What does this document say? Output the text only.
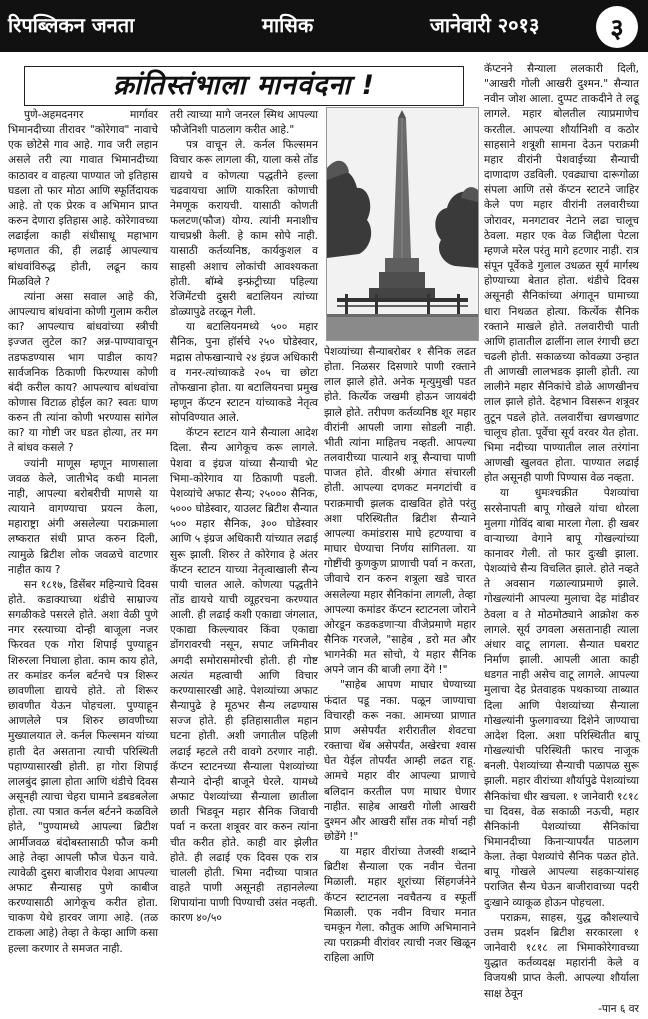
रिपब्लिकन जनता	मासिक	जानेवारी २०१३	३
क्रांतिस्तंभाला मानवंदना !

पुणे-अहमदनगर मार्गावर भिमानदीच्या तीरावर "कोरेगाव" नावाचे एक छोटेसे गाव आहे. गाव जरी लहान असले तरी त्या गावात भिमानदीच्या काठावर व वाहत्या पाण्यात जो इतिहास घडला तो फार मोठा आणि स्फूर्तिदायक आहे. तो एक प्रेरक व अभिमान प्राप्त करुन देणारा इतिहास आहे. कोरेगावच्या लढाईला काही संधीसाधू महाभाग म्हणतात की, ही लढाई आपल्याच बांधवांविरुद्ध होती, लढून काय मिळविले ?

त्यांना असा सवाल आहे की, आपल्याच बांधवांना कोणी गुलाम करील का? आपल्याच बांधवांच्या स्त्रीची इज्जत लुटेल का? अन्न-पाण्यावाचून तडफडण्यास भाग पाडील काय? सार्वजनिक ठिकाणी फिरण्यास कोणी बंदी करील काय? आपल्याच बांधवांचा कोणास विटाळ होईल का? स्वतः घाण करुन ती त्यांना कोणी भरण्यास सांगेल का? या गोष्टी जर घडत होत्या, तर मग ते बांधव कसले ?

ज्यांनी माणूस म्हणून माणसाला जवळ केले, जातीभेद कधी मानला नाही, आपल्या बरोबरीची माणसे या त्यायाने वागण्याचा प्रयत्न केला, महाराष्ट्रा अंगी असलेल्या पराक्रमाला लष्करात संधी प्राप्त करुन दिली, त्यामुळे ब्रिटीश लोक जवळचे वाटणार नाहीत काय ?

सन १८१७, डिसेंबर महिन्याचे दिवस होते. कडाक्याच्या थंडीचे साम्राज्य सगळीकडे पसरले होते. अशा वेळी पुणे नगर रस्त्याच्या दोन्ही बाजूला नजर फिरवत एक गोरा शिपाई पुण्याहून शिरुरला निघाला होता. काम काय होते, तर कमांडर कर्नल बर्टनचे पत्र शिरूर छावणीला द्यायचे होते. तो शिरूर छावणीत येऊन पोहचला. पुण्याहून आणलेले पत्र शिरुर छावणीच्या मुख्यालयात ले. कर्नल फिल्समन यांच्या हाती देत असताना त्याची परिस्थिती पहाण्यासारखी होती. हा गोरा शिपाई लालबुंद झाला होता आणि थंडीचे दिवस असूनही त्याचा चेहरा घामाने डबडबलेला होता. त्या पत्रात कर्नल बर्टनने कळविले होते, "पुण्यामध्ये आपल्या ब्रिटीश आर्मीजवळ बंदोबस्तासाठी फौज कमी आहे तेव्हा आपली फौज घेऊन यावे. त्यावेळी दुसरा बाजीराव पेशवा आपल्या अफाट सैन्यासह पुणे काबीज करण्यासाठी आगेकूच करीत होता. चाकण येथे हारवर जागा आहे. (तळ टाकला आहे) तेव्हा ते केव्हा आणि कसा हल्ला करणार ते समजत नाही.

तरी त्याच्या मागे जनरल स्मिथ आपल्या फौजेनिशी पाठलाग करीत आहे."

पत्र वाचून ले. कर्नल फिल्समन विचार करू लागला की, याला कसे तोंड द्यायचे व कोणत्या पद्धतीने हल्ला चढवायचा आणि याकरिता कोणाची नेमणूक करायची. यासाठी कोणती फलटण(फौज) योग्य. त्यांनी मनाशीच याचप्रश्नी केली. हे काम सोपे नाही. यासाठी कर्तव्यनिष्ठ, कार्यकुशल व साहसी अशाच लोकांची आवश्यकता होती. बॉम्बे इन्फ्रंट्रीच्या पहिल्या रेजिमेंटची दुसरी बटालियन त्यांच्या डोळ्यापुढे तरळून गेली.

या बटालियनमध्ये ५०० महार सैनिक, पुना हॉर्सचे २५० घोडेस्वार, मद्रास तोफखान्याचे २४ इंग्रज अधिकारी व गनर-त्यांच्याकडे २०५ चा छोटा तोफखाना होता. या बटालियनचा प्रमुख म्हणून कॅप्टन स्टाटन यांच्याकडे नेतृत्व सोपविण्यात आले.

कॅप्टन स्टाटन याने सैन्याला आदेश दिला. सैन्य आगेकूच करू लागले. पेशवा व इंग्रज यांच्या सैन्याची भेट भिमा-कोरेगाव या ठिकाणी पडली. पेशव्यांचे अफाट सैन्य; २५००० सैनिक, ५००० घोडेस्वार, याउलट ब्रिटीश सैन्यात ५०० महार सैनिक, ३०० घोडेस्वार आणि ५ इंग्रज अधिकारी यांच्यात लढाई सुरू झाली. शिरुर ते कोरेगाव हे अंतर कॅप्टन स्टाटन याच्या नेतृत्वाखाली सैन्य पायी चालत आले. कोणत्या पद्धतीने तोंड द्यायचे याची व्यूहरचना करण्यात आली. ही लढाई कशी एकाद्या जंगलात, एकाद्या किल्ल्यावर किंवा एकाद्या डोंगरावरची नसून, सपाट जमिनीवर अगदी समोरासमोरची होती. ही गोष्ट अत्यंत महत्वाची आणि विचार करण्यासारखी आहे. पेशव्यांच्या अफाट सैन्यापुढे हे मूठभर सैन्य लढण्यास सज्ज होते. ही इतिहासातील महान घटना होती. अशी जगातील पहिली लढाई म्हटले तरी वावगे ठरणार नाही. कॅप्टन स्टाटनच्या सैन्याला पेशव्यांच्या सैन्याने दोन्ही बाजूने घेरले. यामध्ये अफाट पेशव्यांच्या सैन्याला छातीला छाती भिडवून महार सैनिक जिवाची पर्वा न करता शत्रूवर वार करुन त्यांना चीत करीत होते. काही वार झेलीत होते. ही लढाई एक दिवस एक रात्र चालली होती. भिमा नदीच्या पात्रात वाहते पाणी असूनही तहानलेल्या शिपायांना पाणी पिण्याची उसंत नव्हती. कारण ४०/५०

पेशव्यांच्या सैन्याबरोबर १ सैनिक लढत होता. निळसर दिसणारे पाणी रक्ताने लाल झाले होते. अनेक मृत्युमुखी पडत होते. किर्त्येक जखमी होऊन जायबंदी झाले होते. तरीपण कर्तव्यनिष्ठ शूर महार वीरांनी आपली जागा सोडली नाही. भीती त्यांना माहितच नव्हती. आपल्या तलवारीच्या पात्याने शत्रू सैन्याचा पाणी पाजत होते. वीरश्री अंगात संचारली होती. आपल्या दणकट मनगटांची व पराक्रमाची झलक दाखवित होते परंतु अशा परिस्थितीत ब्रिटीश सैन्याने आपल्या कमांडरास माघे हटण्याचा व माघार घेण्याचा निर्णय सांगितला. या गोष्टींची कुणकुण प्राणाची पर्वा न करता, जीवाचे रान करुन शत्रूला खडे चारत असलेल्या महार सैनिकांना लागली, तेव्हा आपल्या कमांडर कॅप्टन स्टाटनला जोराने ओरडून कडकडणाऱ्या वीजेप्रमाणे महार सैनिक गरजले, "साहेब , डरो मत और भागनेकी मत सोचो, ये महार सैनिक अपने जान की बाजी लगा देंगे !"

"साहेब आपण माघार घेण्याच्या फंदात पडू नका. पळून जाण्याचा विचारही करू नका. आमच्या प्राणात प्राण असेपर्यंत शरीरातील शेवटचा रक्ताचा थेंब असेपर्यंत, अखेरचा श्वास घेत येईल तोपर्यंत आम्ही लढत राहू. आमचे महार वीर आपल्या प्राणाचे बलिदान करतील पण माघार घेणार नाहीत. साहेब आखरी गोली आखरी दुश्मन और आखरी साँस तक मोर्चा नही छोडेंगे !"

या महार वीरांच्या तेजस्वी शब्दाने ब्रिटीश सैन्याला एक नवीन चेतना मिळाली. महार शूरांच्या सिंहगर्जनेने कॅप्टन स्टाटनला नवचैतन्य व स्फूर्ती मिळाली. एक नवीन विचार मनात चमकून गेला. कौतुक आणि अभिमानाने त्या पराक्रमी वीरांवर त्याची नजर खिळून राहिला आणि

कॅप्टनने सैन्याला ललकारी दिली, "आखरी गोली आखरी दुश्मन." सैन्यात नवीन जोश आला. दुप्पट ताकदीने ते लढू लागले. महार बोलतील त्याप्रमाणेच करतील. आपल्या शौर्यानिशी व कठोर साहसाने शत्रूशी सामना देऊन पराक्रमी महार वीरांनी पेशवाईच्या सैन्याची दाणादाण उडविली. एवढ्याचा दारूगोळा संपला आणि तसे कॅप्टन स्टाटने जाहिर केले पण महार वीरांनी तलवारीच्या जोरावर, मनगटावर नेटाने लढा चालूच ठेवला. महार एक वेळ जिद्दीला पेटला म्हणजे मरेल परंतु मागे हटणार नाही. रात्र संपून पूर्वेकडे गुलाल उधळत सूर्य मार्गस्थ होण्याच्या बेतात होता. थंडीचे दिवस असूनही सैनिकांच्या अंगातून घामाच्या धारा निथळत होत्या. किर्त्येक सैनिक रक्ताने माखले होते. तलवारीची पाती आणि हातातील ढालींना लाल रंगाची छटा चढली होती. सकाळच्या कोवळ्या उन्हात ती आणखी लालभडक झाली होती. त्या लालीने महार सैनिकांचे डोळे आणखीनच लाल झाले होते. देहभान विसरून शत्रूवर तुटून पडले होते. तलवारींचा खणखणाट चालूच होता. पूर्वेचा सूर्य वरवर येत होता. भिमा नदीच्या पाण्यातील लाल तरंगांना आणखी खुलवत होता. पाण्यात लढाई होत असूनही पाणी पिण्यास वेळ नव्हता.

या धुमःश्चक्रीत पेशव्यांचा सरसेनापती बापू गोखले यांचा थोरला मुलगा गोविंद बाबा मारला गेला. ही खबर वाऱ्याच्या वेगाने बापू गोखल्यांच्या कानावर गेली. तो फार दुःखी झाला. पेशव्यांचे सैन्य विचलित झाले. होते नव्हते ते अवसान गळाल्याप्रमाणे झाले. गोखल्यांनी आपल्या मुलाचा देह मांडीवर ठेवला व ते मोठमोठ्याने आक्रोश करु लागले. सूर्य उगवला असतानाही त्याला अंधार वाटू लागला. सैन्यात घबराट निर्माण झाली. आपली आता काही धडगत नाही असेच वाटू लागले. आपल्या मुलाचा देह प्रेतवाहक पथकाच्या ताब्यात दिला आणि पेशव्यांच्या सैन्याला गोखल्यांनी फुलगावच्या दिशेने जाण्याचा आदेश दिला. अशा परिस्थितीत बापू गोखल्यांची परिस्थिती फारच नाजूक बनली. पेशव्यांच्या सैन्याची पळापळ सुरू झाली. महार वीरांच्या शौर्यापुढे पेशव्यांच्या सैनिकांचा धीर खचला. १ जानेवारी १८१८ चा दिवस, वेळ सकाळी नऊची, महार सैनिकांनी पेशव्यांच्या सैनिकांचा भिमानदीच्या किनाऱ्यापर्यंत पाठलाग केला. तेव्हा पेशव्यांचे सैनिक पळत होते. बापू गोखले आपल्या सहकाऱ्यांसह पराजित सैन्य घेऊन बाजीरावाच्या पदरी दुःखाने व्याकूळ होऊन पोहचला.

पराक्रम, साहस, युद्ध कौशल्याचे उत्तम प्रदर्शन ब्रिटीश सरकारला १ जानेवारी १८१८ ला भिमाकोरेगावच्या युद्धात कर्तव्यदक्ष महारांनी केले व विजयश्री प्राप्त केली. आपल्या शौर्याला साक्ष ठेवून

-पान ६ वर
